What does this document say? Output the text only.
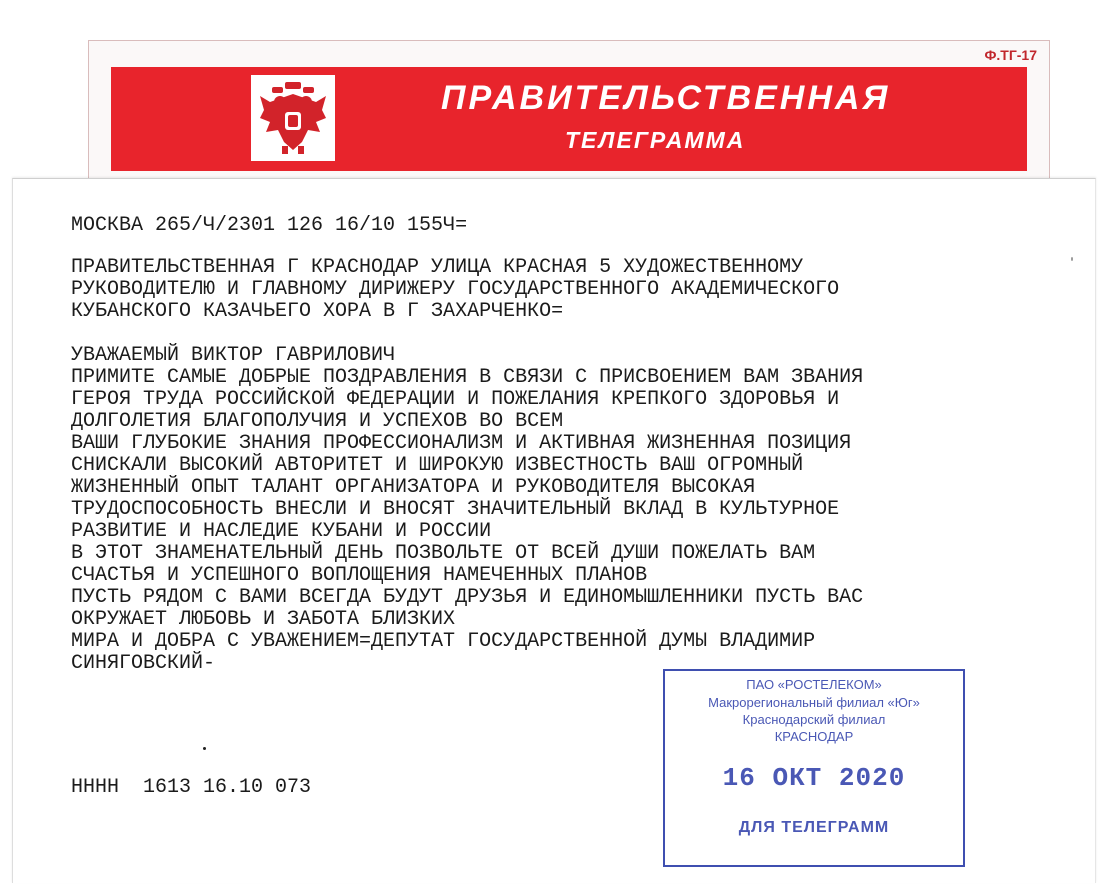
Ф.ТГ-17
ПРАВИТЕЛЬСТВЕННАЯ
ТЕЛЕГРАММА
МОСКВА 265/Ч/2301 126 16/10 155Ч=
ПРАВИТЕЛЬСТВЕННАЯ Г КРАСНОДАР УЛИЦА КРАСНАЯ 5 ХУДОЖЕСТВЕННОМУ
РУКОВОДИТЕЛЮ И ГЛАВНОМУ ДИРИЖЕРУ ГОСУДАРСТВЕННОГО АКАДЕМИЧЕСКОГО
КУБАНСКОГО КАЗАЧЬЕГО ХОРА В Г ЗАХАРЧЕНКО=
УВАЖАЕМЫЙ ВИКТОР ГАВРИЛОВИЧ
ПРИМИТЕ САМЫЕ ДОБРЫЕ ПОЗДРАВЛЕНИЯ В СВЯЗИ С ПРИСВОЕНИЕМ ВАМ ЗВАНИЯ
ГЕРОЯ ТРУДА РОССИЙСКОЙ ФЕДЕРАЦИИ И ПОЖЕЛАНИЯ КРЕПКОГО ЗДОРОВЬЯ И
ДОЛГОЛЕТИЯ БЛАГОПОЛУЧИЯ И УСПЕХОВ ВО ВСЕМ
ВАШИ ГЛУБОКИЕ ЗНАНИЯ ПРОФЕССИОНАЛИЗМ И АКТИВНАЯ ЖИЗНЕННАЯ ПОЗИЦИЯ
СНИСКАЛИ ВЫСОКИЙ АВТОРИТЕТ И ШИРОКУЮ ИЗВЕСТНОСТЬ ВАШ ОГРОМНЫЙ
ЖИЗНЕННЫЙ ОПЫТ ТАЛАНТ ОРГАНИЗАТОРА И РУКОВОДИТЕЛЯ ВЫСОКАЯ
ТРУДОСПОСОБНОСТЬ ВНЕСЛИ И ВНОСЯТ ЗНАЧИТЕЛЬНЫЙ ВКЛАД В КУЛЬТУРНОЕ
РАЗВИТИЕ И НАСЛЕДИЕ КУБАНИ И РОССИИ
В ЭТОТ ЗНАМЕНАТЕЛЬНЫЙ ДЕНЬ ПОЗВОЛЬТЕ ОТ ВСЕЙ ДУШИ ПОЖЕЛАТЬ ВАМ
СЧАСТЬЯ И УСПЕШНОГО ВОПЛОЩЕНИЯ НАМЕЧЕННЫХ ПЛАНОВ
ПУСТЬ РЯДОМ С ВАМИ ВСЕГДА БУДУТ ДРУЗЬЯ И ЕДИНОМЫШЛЕННИКИ ПУСТЬ ВАС
ОКРУЖАЕТ ЛЮБОВЬ И ЗАБОТА БЛИЗКИХ
МИРА И ДОБРА С УВАЖЕНИЕМ=ДЕПУТАТ ГОСУДАРСТВЕННОЙ ДУМЫ ВЛАДИМИР
СИНЯГОВСКИЙ-
НННН  1613 16.10 073
ПАО «РОСТЕЛЕКОМ»
Макрорегиональный филиал «Юг»
Краснодарский филиал
КРАСНОДАР
16 ОКТ 2020
ДЛЯ ТЕЛЕГРАММ
